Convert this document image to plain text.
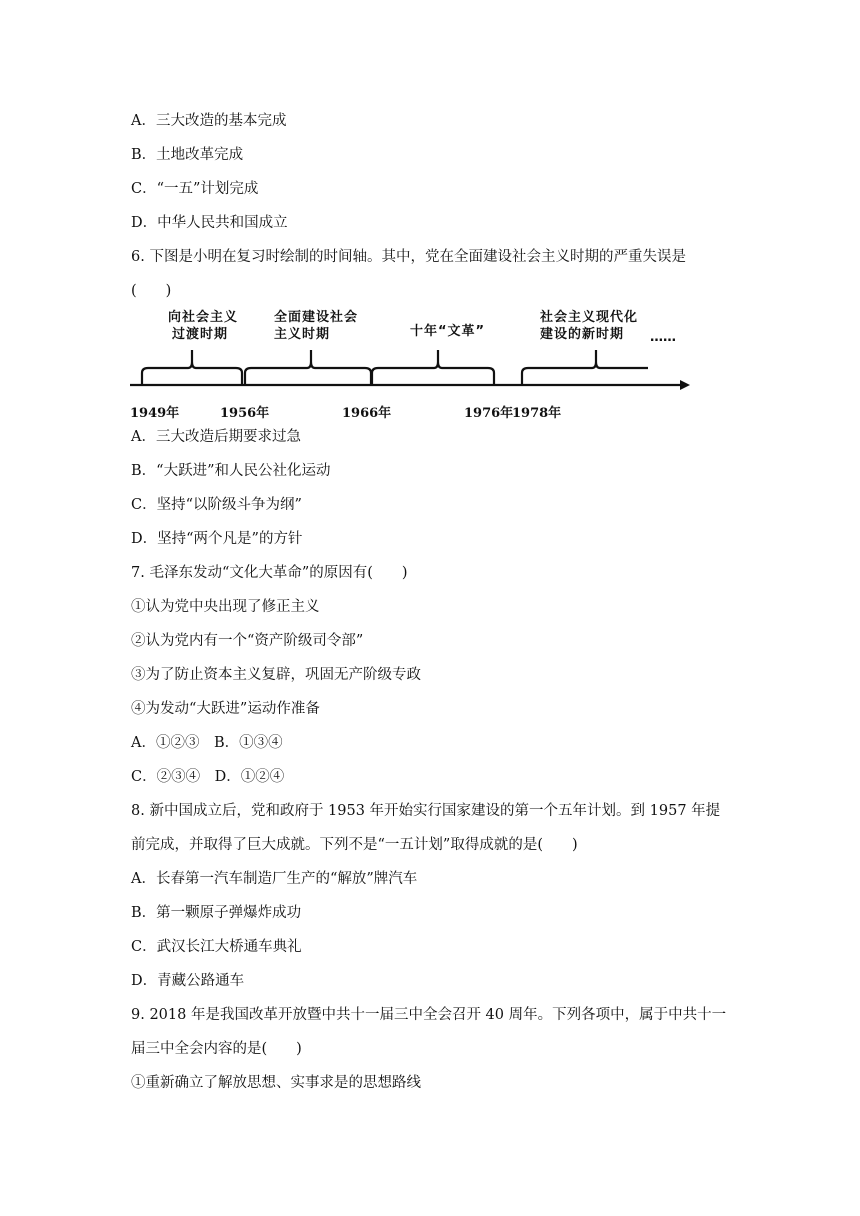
A．三大改造的基本完成
B．土地改革完成
C．“一五”计划完成
D．中华人民共和国成立
6. 下图是小明在复习时绘制的时间轴。其中，党在全面建设社会主义时期的严重失误是
(　　)
向社会主义
过渡时期
全面建设社会
主义时期	十年“文革”
社会主义现代化
建设的新时期	……
1949年	1956年	1966年	1976年
1978年
A．三大改造后期要求过急
B．“大跃进”和人民公社化运动
C．坚持“以阶级斗争为纲”
D．坚持“两个凡是”的方针
7. 毛泽东发动“文化大革命”的原因有(　　)
①认为党中央出现了修正主义
②认为党内有一个“资产阶级司令部”
③为了防止资本主义复辟，巩固无产阶级专政
④为发动“大跃进”运动作准备
A．①②③　B．①③④
C．②③④　D．①②④
8. 新中国成立后，党和政府于 1953 年开始实行国家建设的第一个五年计划。到 1957 年提
前完成，并取得了巨大成就。下列不是“一五计划”取得成就的是(　　)
A．长春第一汽车制造厂生产的“解放”牌汽车
B．第一颗原子弹爆炸成功
C．武汉长江大桥通车典礼
D．青藏公路通车
9. 2018 年是我国改革开放暨中共十一届三中全会召开 40 周年。下列各项中，属于中共十一
届三中全会内容的是(　　)
①重新确立了解放思想、实事求是的思想路线
